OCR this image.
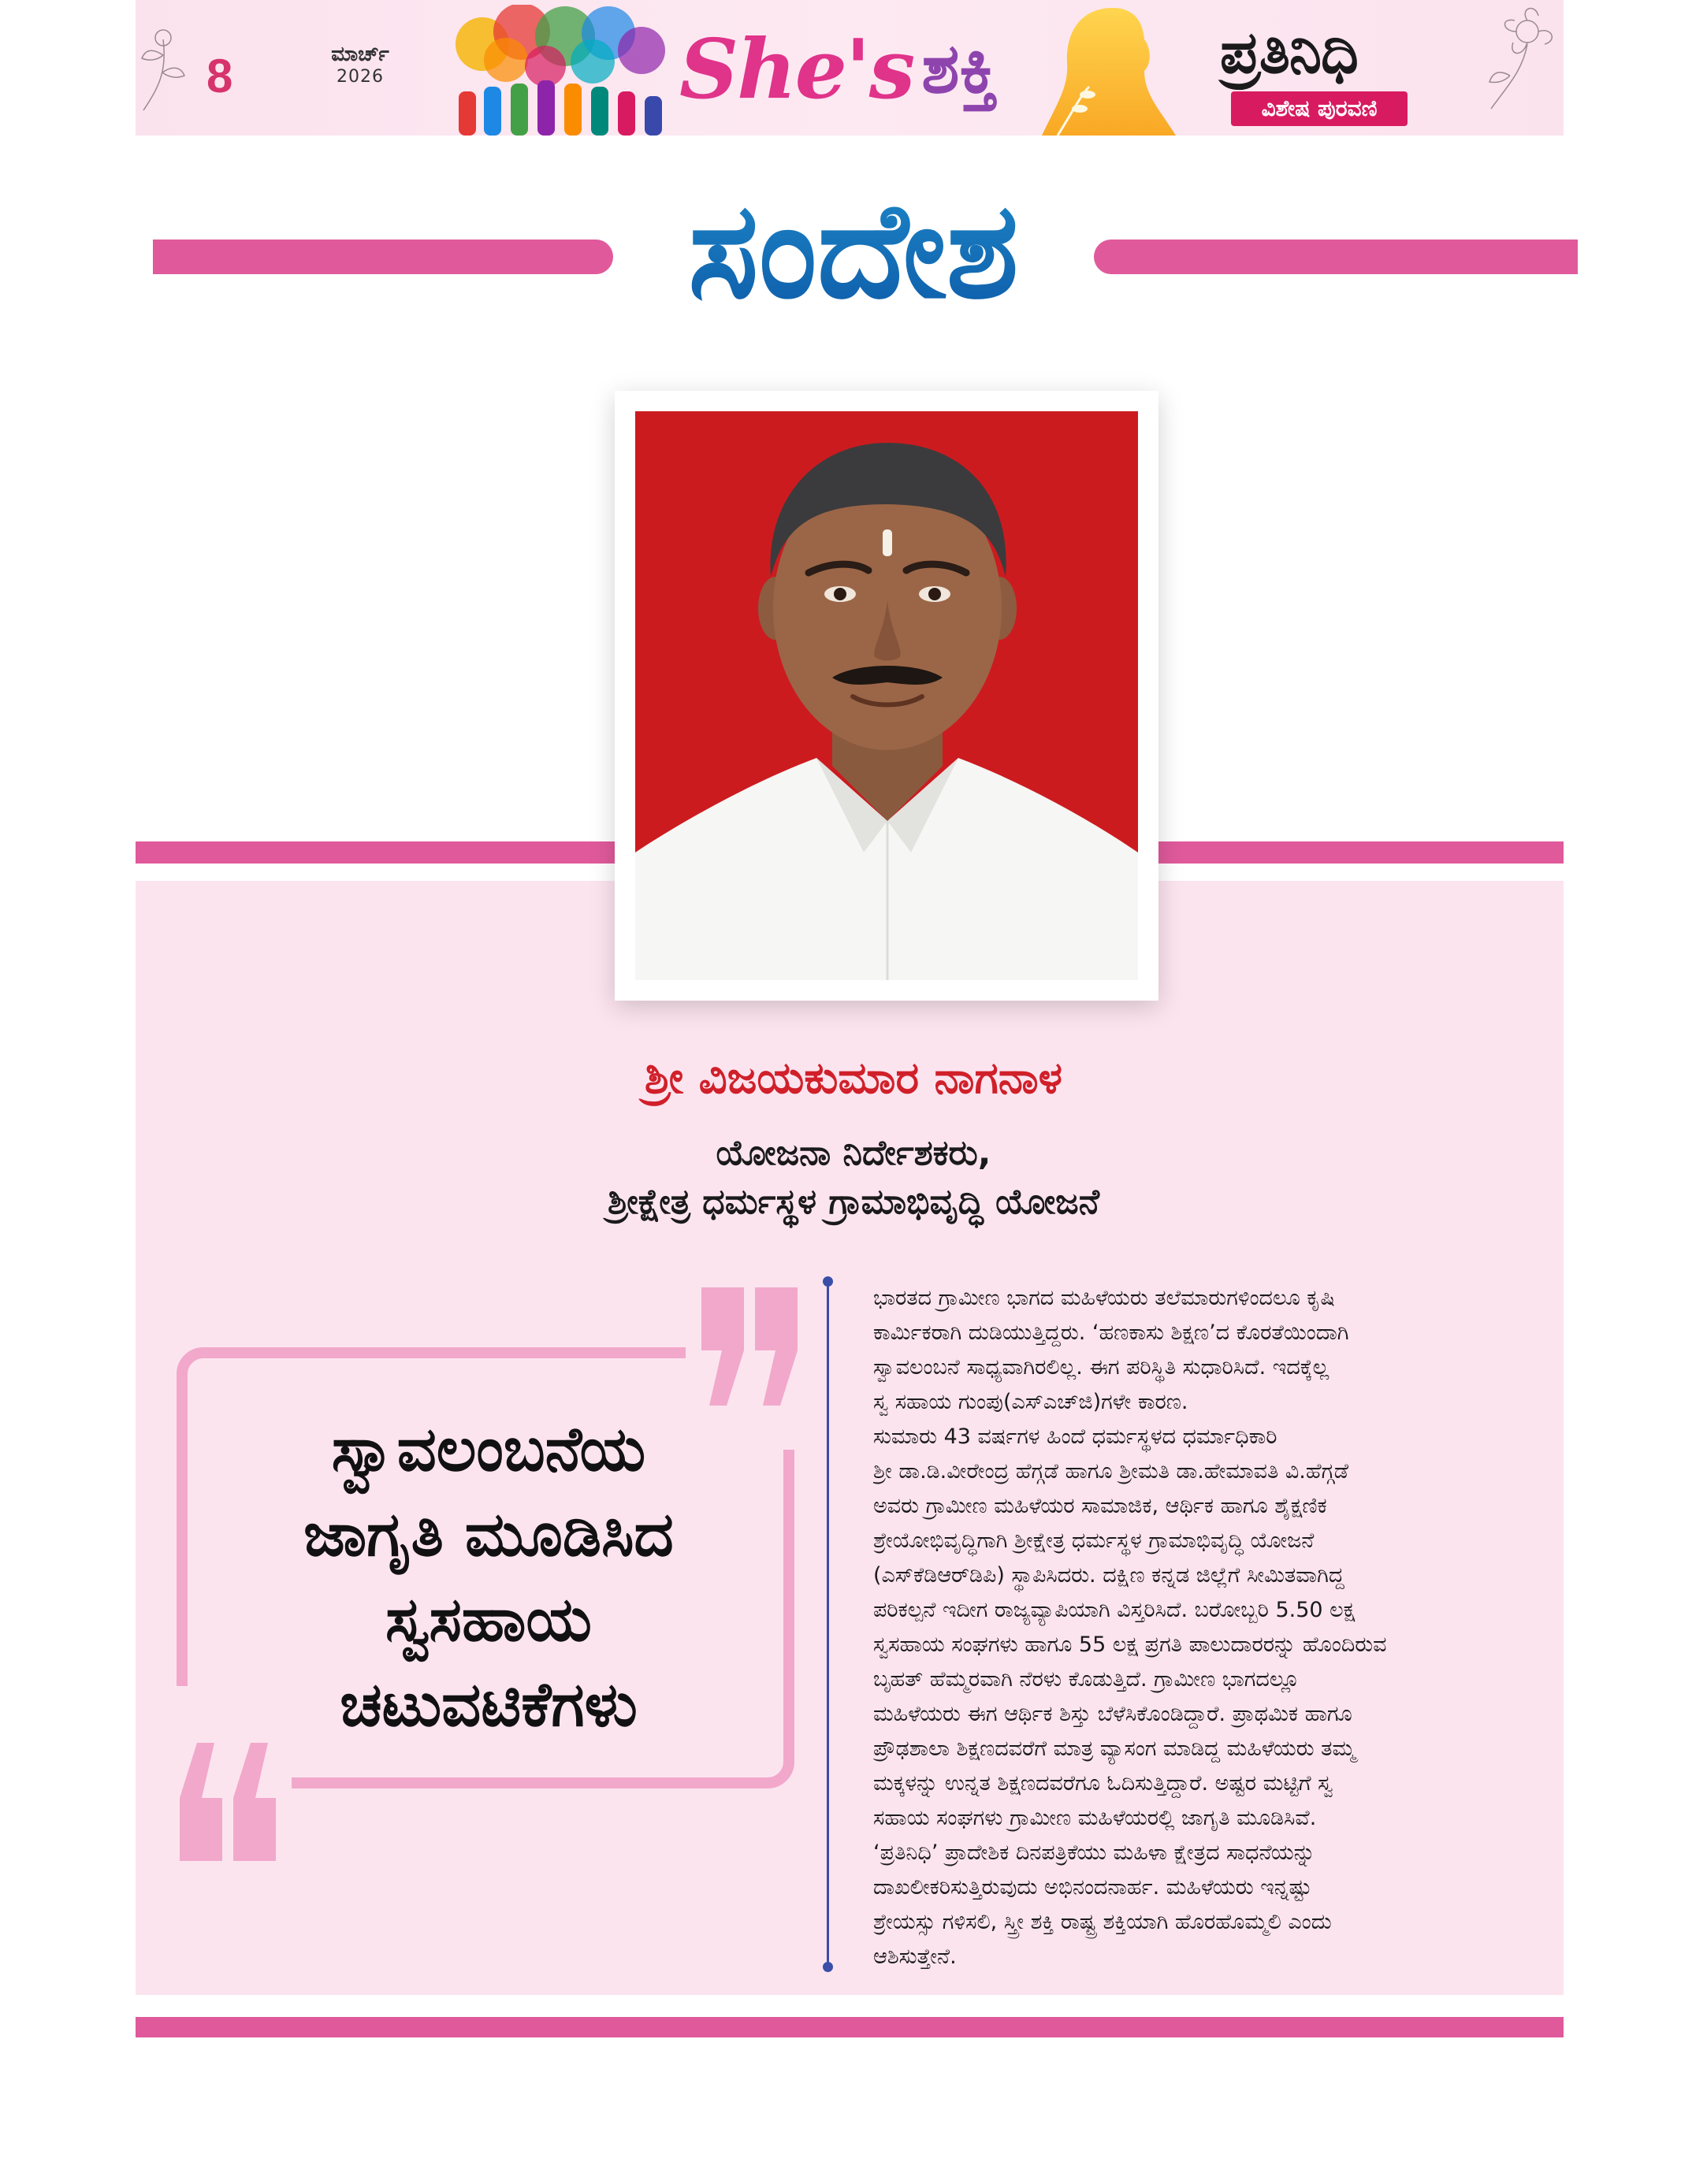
8	ಮಾರ್ಚ್
2026	She's ಶಕ್ತಿ	ಪ್ರತಿನಿಧಿ
ವಿಶೇಷ ಪುರವಣಿ
ಸಂದೇಶ
ಶ್ರೀ ವಿಜಯಕುಮಾರ ನಾಗನಾಳ
ಯೋಜನಾ ನಿರ್ದೇಶಕರು,
ಶ್ರೀಕ್ಷೇತ್ರ ಧರ್ಮಸ್ಥಳ ಗ್ರಾಮಾಭಿವೃದ್ಧಿ ಯೋಜನೆ
ಸ್ವಾವಲಂಬನೆಯ
ಜಾಗೃತಿ ಮೂಡಿಸಿದ
ಸ್ವಸಹಾಯ
ಚಟುವಟಿಕೆಗಳು
ಭಾರತದ ಗ್ರಾಮೀಣ ಭಾಗದ ಮಹಿಳೆಯರು ತಲೆಮಾರುಗಳಿಂದಲೂ ಕೃಷಿ
ಕಾರ್ಮಿಕರಾಗಿ ದುಡಿಯುತ್ತಿದ್ದರು. ‘ಹಣಕಾಸು ಶಿಕ್ಷಣ’ದ ಕೊರತೆಯಿಂದಾಗಿ
ಸ್ವಾವಲಂಬನೆ ಸಾಧ್ಯವಾಗಿರಲಿಲ್ಲ. ಈಗ ಪರಿಸ್ಥಿತಿ ಸುಧಾರಿಸಿದೆ. ಇದಕ್ಕೆಲ್ಲ
ಸ್ವ ಸಹಾಯ ಗುಂಪು(ಎಸ್‌ಎಚ್‌ಜಿ)ಗಳೇ ಕಾರಣ.
ಸುಮಾರು 43 ವರ್ಷಗಳ ಹಿಂದೆ ಧರ್ಮಸ್ಥಳದ ಧರ್ಮಾಧಿಕಾರಿ
ಶ್ರೀ ಡಾ.ಡಿ.ವೀರೇಂದ್ರ ಹೆಗ್ಗಡೆ ಹಾಗೂ ಶ್ರೀಮತಿ ಡಾ.ಹೇಮಾವತಿ ವಿ.ಹೆಗ್ಗಡೆ
ಅವರು ಗ್ರಾಮೀಣ ಮಹಿಳೆಯರ ಸಾಮಾಜಿಕ, ಆರ್ಥಿಕ ಹಾಗೂ ಶೈಕ್ಷಣಿಕ
ಶ್ರೇಯೋಭಿವೃದ್ಧಿಗಾಗಿ ಶ್ರೀಕ್ಷೇತ್ರ ಧರ್ಮಸ್ಥಳ ಗ್ರಾಮಾಭಿವೃದ್ಧಿ ಯೋಜನೆ
(ಎಸ್‌ಕೆಡಿಆರ್‌ಡಿಪಿ) ಸ್ಥಾಪಿಸಿದರು. ದಕ್ಷಿಣ ಕನ್ನಡ ಜಿಲ್ಲೆಗೆ ಸೀಮಿತವಾಗಿದ್ದ
ಪರಿಕಲ್ಪನೆ ಇದೀಗ ರಾಜ್ಯವ್ಯಾಪಿಯಾಗಿ ವಿಸ್ತರಿಸಿದೆ. ಬರೋಬ್ಬರಿ 5.50 ಲಕ್ಷ
ಸ್ವಸಹಾಯ ಸಂಘಗಳು ಹಾಗೂ 55 ಲಕ್ಷ ಪ್ರಗತಿ ಪಾಲುದಾರರನ್ನು ಹೊಂದಿರುವ
ಬೃಹತ್ ಹೆಮ್ಮರವಾಗಿ ನೆರಳು ಕೊಡುತ್ತಿದೆ. ಗ್ರಾಮೀಣ ಭಾಗದಲ್ಲೂ
ಮಹಿಳೆಯರು ಈಗ ಆರ್ಥಿಕ ಶಿಸ್ತು ಬೆಳೆಸಿಕೊಂಡಿದ್ದಾರೆ. ಪ್ರಾಥಮಿಕ ಹಾಗೂ
ಪ್ರೌಢಶಾಲಾ ಶಿಕ್ಷಣದವರೆಗೆ ಮಾತ್ರ ವ್ಯಾಸಂಗ ಮಾಡಿದ್ದ ಮಹಿಳೆಯರು ತಮ್ಮ
ಮಕ್ಕಳನ್ನು ಉನ್ನತ ಶಿಕ್ಷಣದವರೆಗೂ ಓದಿಸುತ್ತಿದ್ದಾರೆ. ಅಷ್ಟರ ಮಟ್ಟಿಗೆ ಸ್ವ
ಸಹಾಯ ಸಂಘಗಳು ಗ್ರಾಮೀಣ ಮಹಿಳೆಯರಲ್ಲಿ ಜಾಗೃತಿ ಮೂಡಿಸಿವೆ.
‘ಪ್ರತಿನಿಧಿ’ ಪ್ರಾದೇಶಿಕ ದಿನಪತ್ರಿಕೆಯು ಮಹಿಳಾ ಕ್ಷೇತ್ರದ ಸಾಧನೆಯನ್ನು
ದಾಖಲೀಕರಿಸುತ್ತಿರುವುದು ಅಭಿನಂದನಾರ್ಹ. ಮಹಿಳೆಯರು ಇನ್ನಷ್ಟು
ಶ್ರೇಯಸ್ಸು ಗಳಿಸಲಿ, ಸ್ತ್ರೀ ಶಕ್ತಿ ರಾಷ್ಟ್ರ ಶಕ್ತಿಯಾಗಿ ಹೊರಹೊಮ್ಮಲಿ ಎಂದು
ಆಶಿಸುತ್ತೇನೆ.
